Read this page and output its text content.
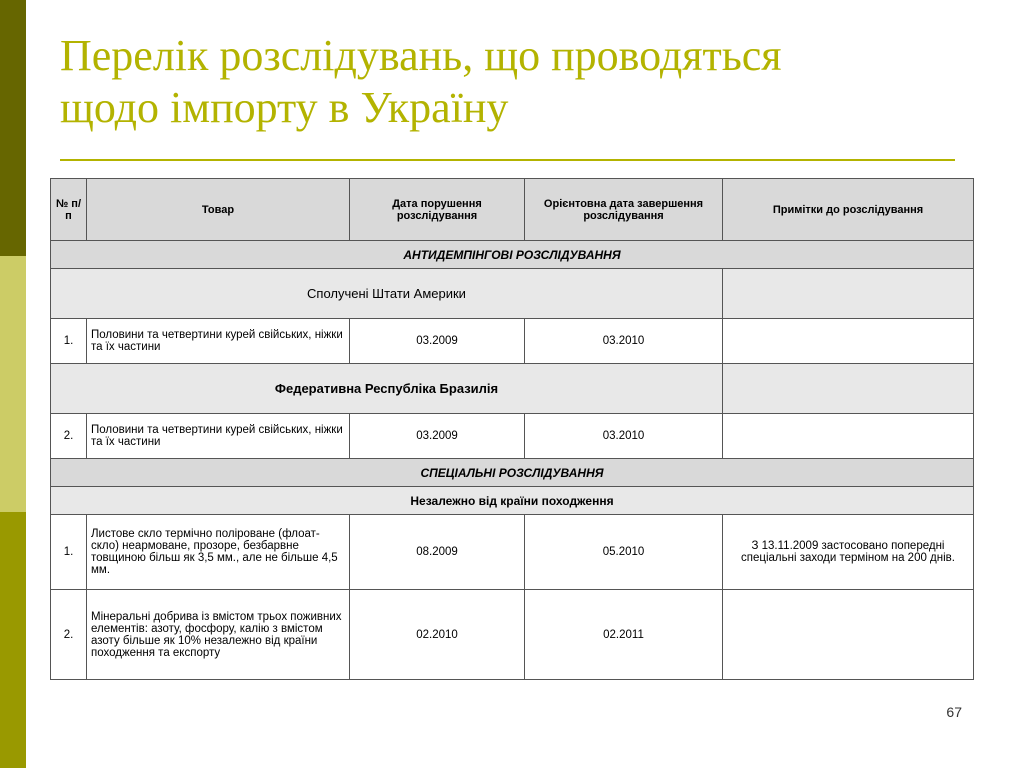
Перелік розслідувань, що проводяться
щодо імпорту в Україну
№ п/п	Товар	Дата порушення розслідування	Орієнтовна дата завершення розслідування	Примітки до розслідування
АНТИДЕМПІНГОВІ РОЗСЛІДУВАННЯ				
Сполучені Штати Америки				
1.	Половини та четвертини курей свійських, ніжки та їх частини	03.2009	03.2010	
Федеративна Республіка Бразилія				
2.	Половини та четвертини курей свійських, ніжки та їх частини	03.2009	03.2010	
СПЕЦІАЛЬНІ РОЗСЛІДУВАННЯ				
Незалежно від країни походження				
1.	Листове скло термічно поліроване (флоат-скло) неармоване, прозоре, безбарвне товщиною більш як 3,5 мм., але не більше 4,5 мм.	08.2009	05.2010	З 13.11.2009 застосовано попередні спеціальні заходи терміном на 200 днів.
2.	Мінеральні добрива із вмістом трьох поживних елементів: азоту, фосфору, калію з вмістом азоту більше як 10% незалежно від країни походження та експорту	02.2010	02.2011	
67
